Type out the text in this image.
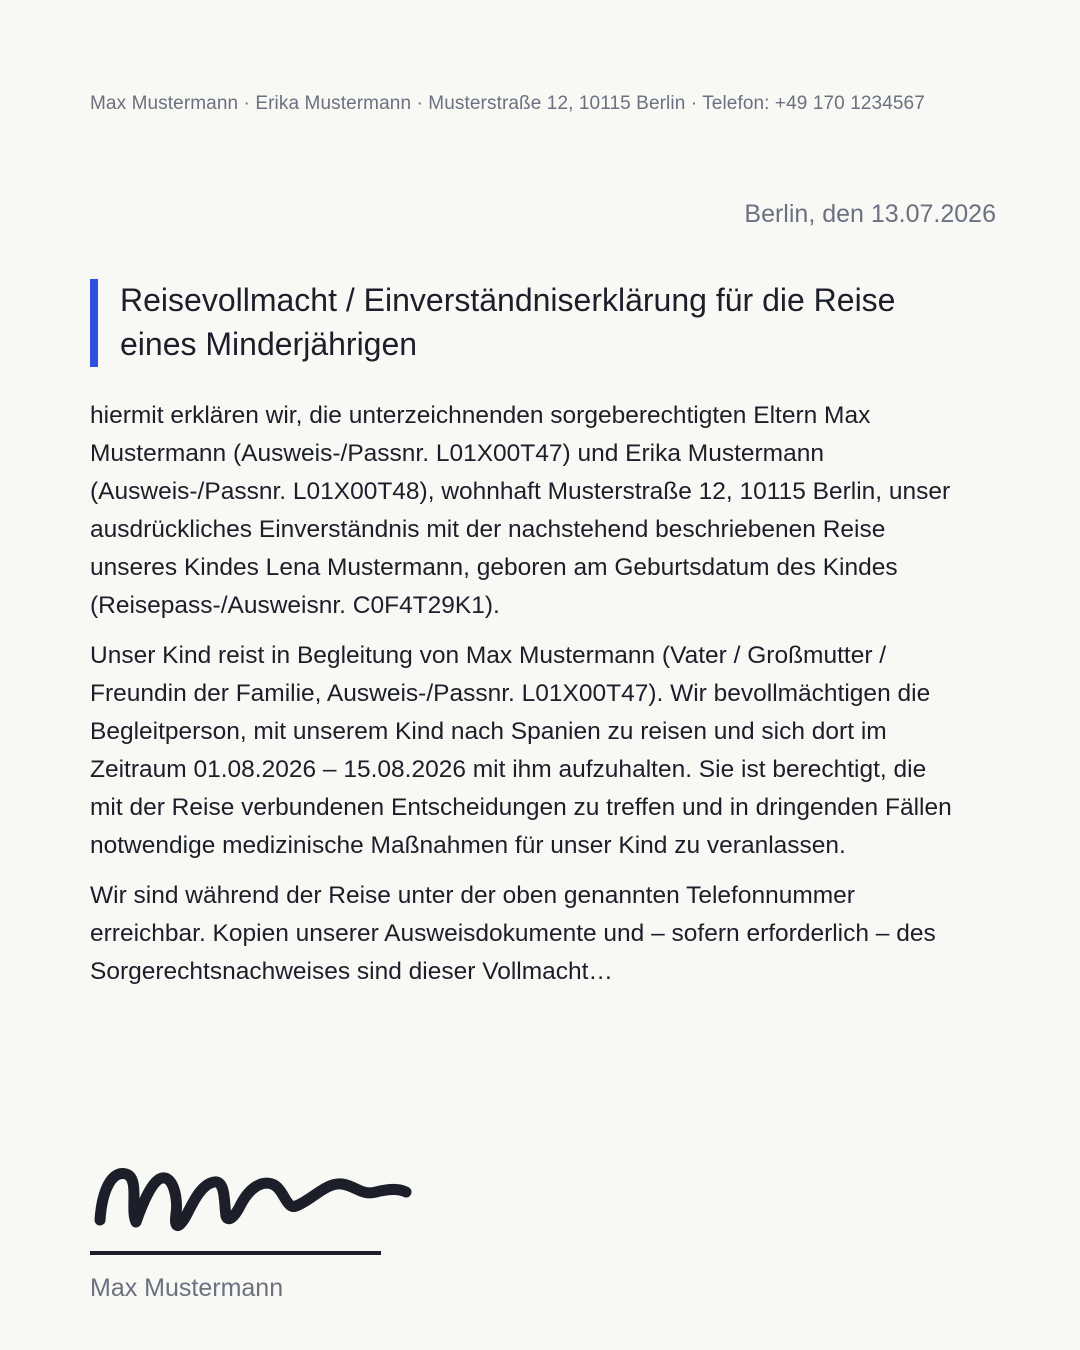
Max Mustermann · Erika Mustermann · Musterstraße 12, 10115 Berlin · Telefon: +49 170 1234567
Berlin, den 13.07.2026
Reisevollmacht / Einverständniserklärung für die Reise eines Minderjährigen

hiermit erklären wir, die unterzeichnenden sorgeberechtigten Eltern Max Mustermann (Ausweis-/Passnr. L01X00T47) und Erika Mustermann (Ausweis-/Passnr. L01X00T48), wohnhaft Musterstraße 12, 10115 Berlin, unser ausdrückliches Einverständnis mit der nachstehend beschriebenen Reise unseres Kindes Lena Mustermann, geboren am Geburtsdatum des Kindes (Reisepass-/Ausweisnr. C0F4T29K1).

Unser Kind reist in Begleitung von Max Mustermann (Vater / Großmutter / Freundin der Familie, Ausweis-/Passnr. L01X00T47). Wir bevollmächtigen die Begleitperson, mit unserem Kind nach Spanien zu reisen und sich dort im Zeitraum 01.08.2026 – 15.08.2026 mit ihm aufzuhalten. Sie ist berechtigt, die mit der Reise verbundenen Entscheidungen zu treffen und in dringenden Fällen notwendige medizinische Maßnahmen für unser Kind zu veranlassen.

Wir sind während der Reise unter der oben genannten Telefonnummer erreichbar. Kopien unserer Ausweisdokumente und – sofern erforderlich – des Sorgerechtsnachweises sind dieser Vollmacht…

Max Mustermann
